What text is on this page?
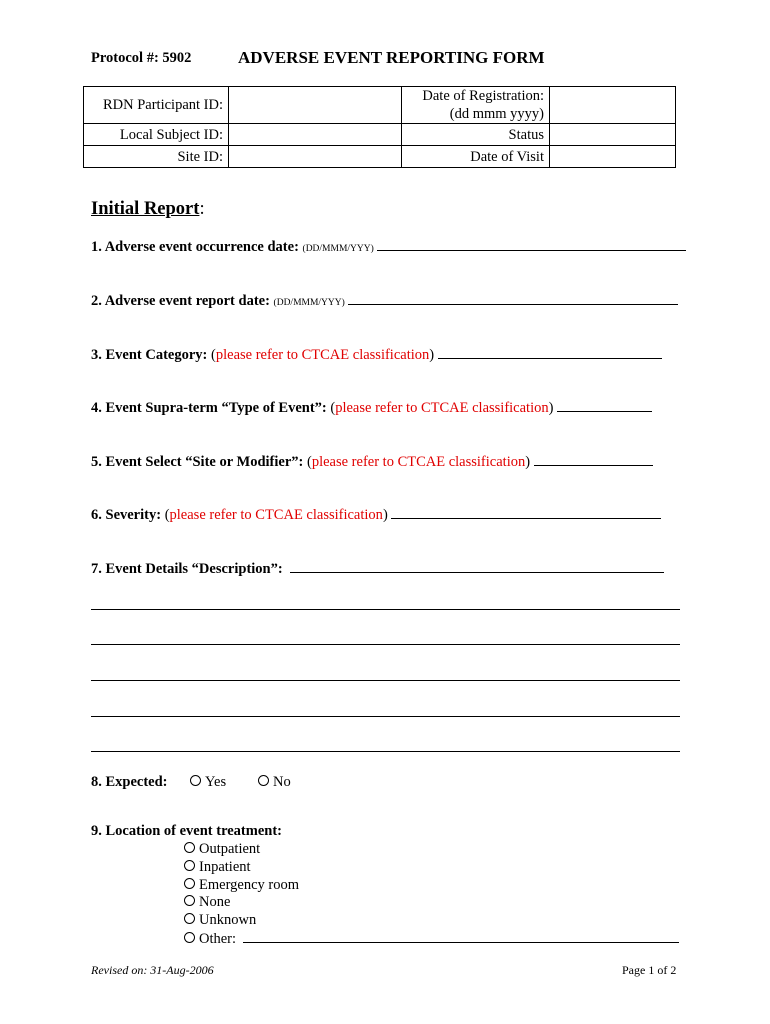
Protocol #: 5902	ADVERSE EVENT REPORTING FORM
RDN Participant ID:		Date of Registration:
(dd mmm yyyy)	

Local Subject ID:		Status	
Site ID:		Date of Visit	
Initial Report:
1. Adverse event occurrence date: (DD/MMM/YYY)
2. Adverse event report date: (DD/MMM/YYY)
3. Event Category: (please refer to CTCAE classification)
4. Event Supra-term “Type of Event”: (please refer to CTCAE classification)
5. Event Select “Site or Modifier”: (please refer to CTCAE classification)
6. Severity: (please refer to CTCAE classification)
7. Event Details “Description”:
8. Expected:	Yes	No
9. Location of event treatment:
Outpatient
Inpatient
Emergency room
None
Unknown
Other:
Revised on: 31-Aug-2006	Page 1 of 2
